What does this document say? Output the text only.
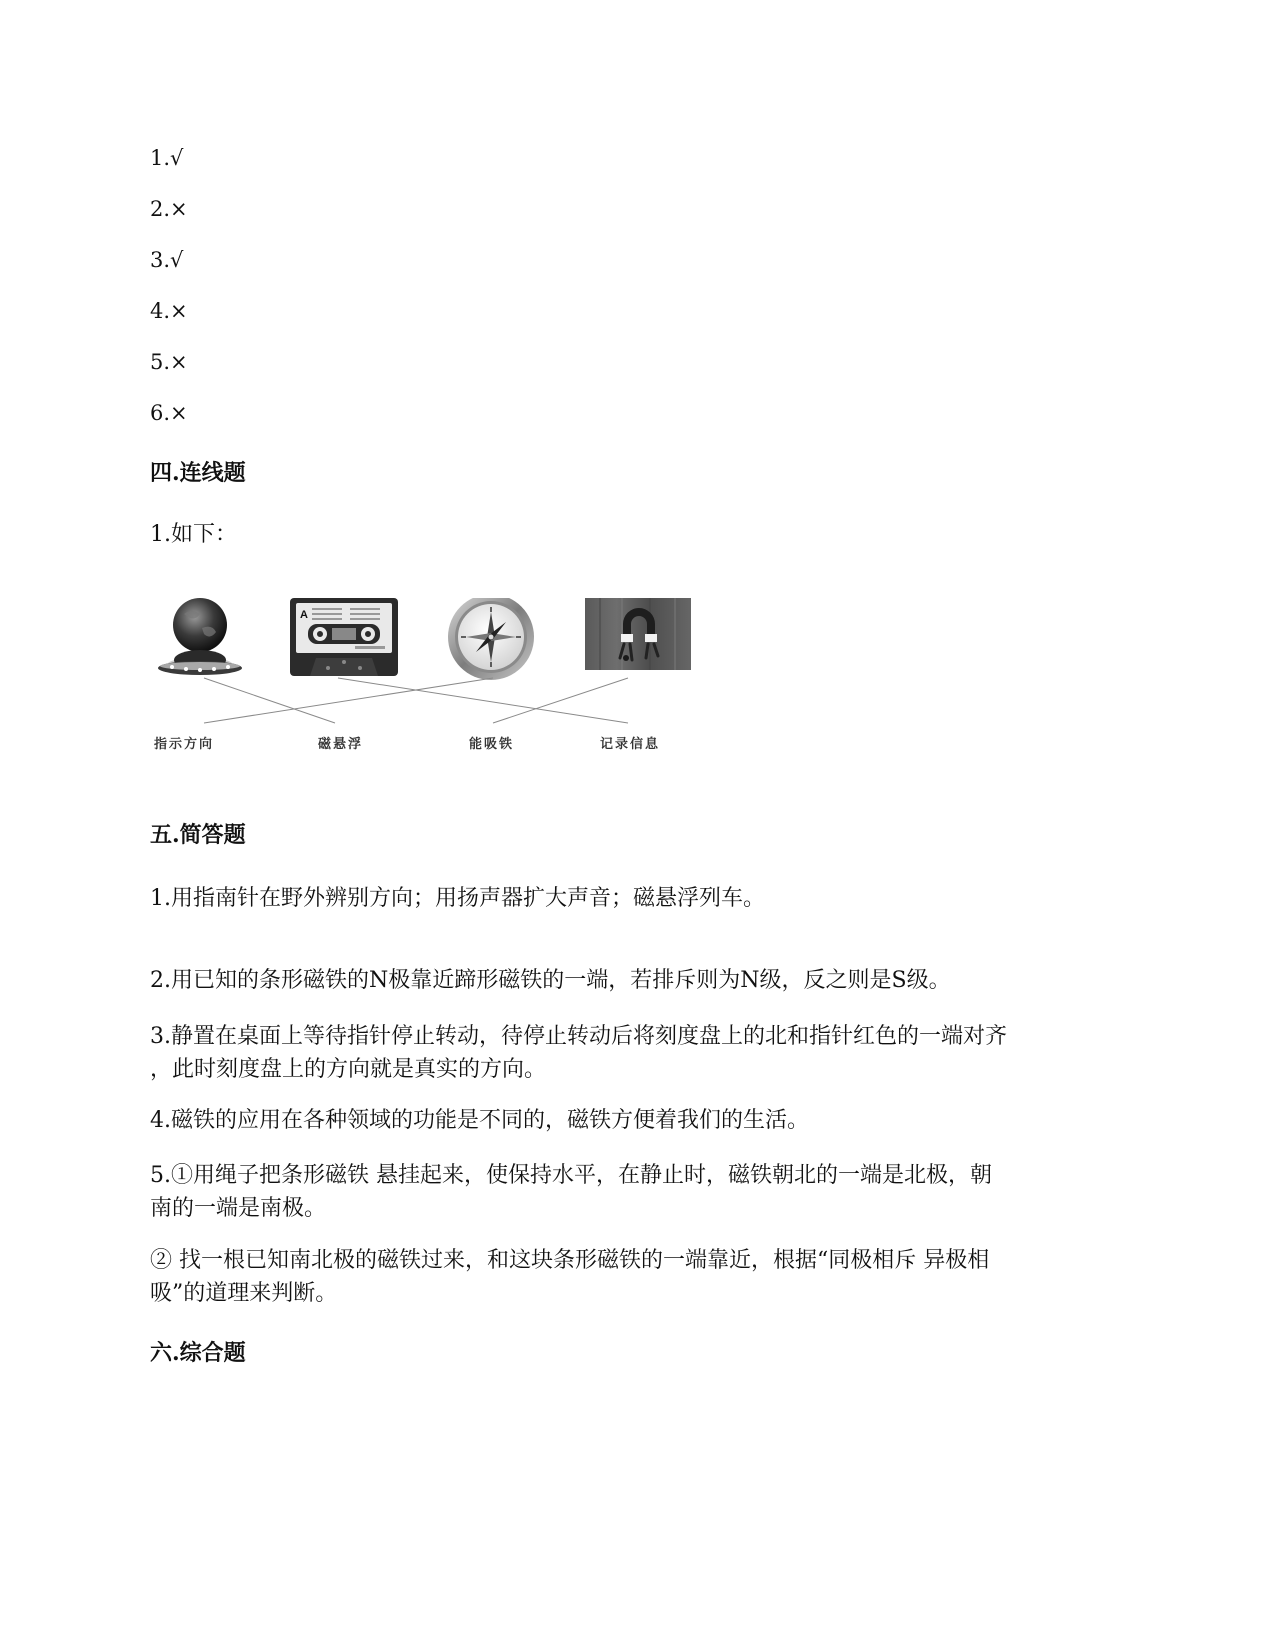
1.√
2.×
3.√
4.×
5.×
6.×
四.连线题
1.如下：
A
指示方向	磁悬浮	能吸铁	记录信息
五.简答题
1.用指南针在野外辨别方向；用扬声器扩大声音；磁悬浮列车。
2.用已知的条形磁铁的N极靠近蹄形磁铁的一端，若排斥则为N级，反之则是S级。
3.静置在桌面上等待指针停止转动，待停止转动后将刻度盘上的北和指针红色的一端对齐
，此时刻度盘上的方向就是真实的方向。
4.磁铁的应用在各种领域的功能是不同的，磁铁方便着我们的生活。
5.①用绳子把条形磁铁 悬挂起来，使保持水平，在静止时，磁铁朝北的一端是北极，朝
南的一端是南极。
② 找一根已知南北极的磁铁过来，和这块条形磁铁的一端靠近，根据“同极相斥 异极相
吸”的道理来判断。
六.综合题
